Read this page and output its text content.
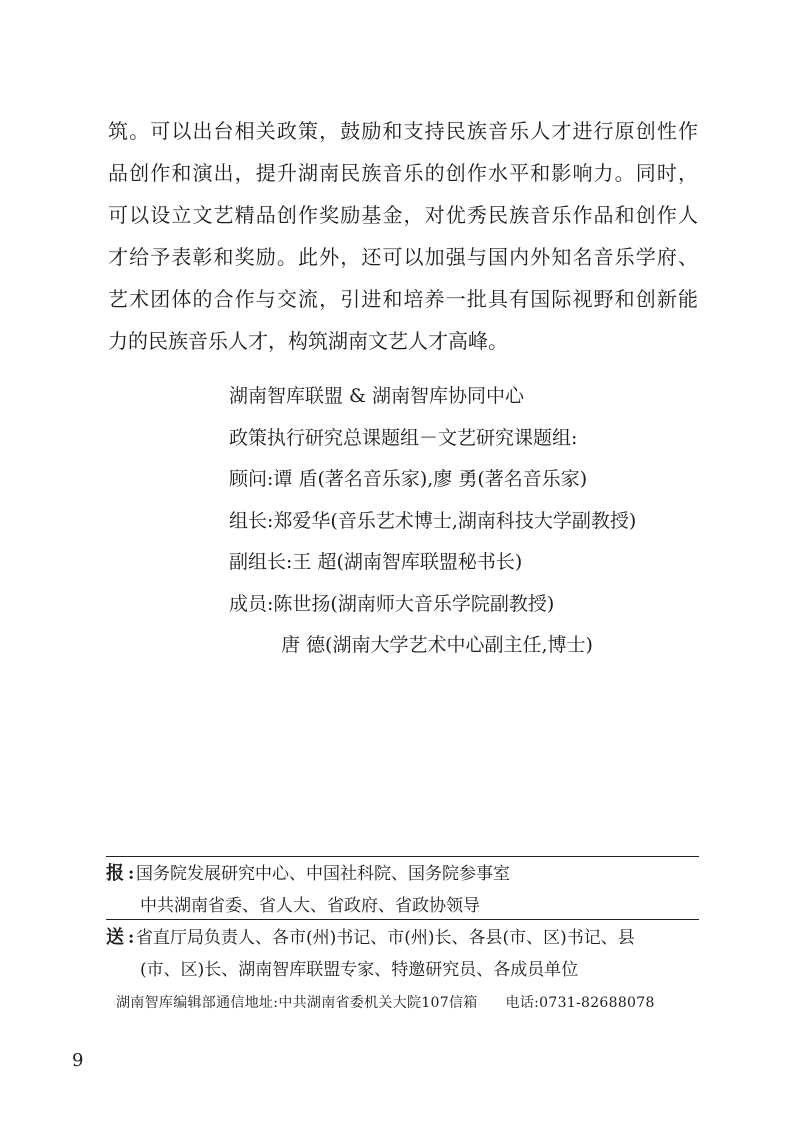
筑。可以出台相关政策，鼓励和支持民族音乐人才进行原创性作
品创作和演出，提升湖南民族音乐的创作水平和影响力。同时，
可以设立文艺精品创作奖励基金，对优秀民族音乐作品和创作人
才给予表彰和奖励。此外，还可以加强与国内外知名音乐学府、
艺术团体的合作与交流，引进和培养一批具有国际视野和创新能
力的民族音乐人才，构筑湖南文艺人才高峰。
湖南智库联盟 & 湖南智库协同中心
政策执行研究总课题组－文艺研究课题组:
顾问:谭 盾(著名音乐家),廖 勇(著名音乐家)
组长:郑爱华(音乐艺术博士,湖南科技大学副教授)
副组长:王 超(湖南智库联盟秘书长)
成员:陈世扬(湖南师大音乐学院副教授)
唐 德(湖南大学艺术中心副主任,博士)
报 : 国务院发展研究中心、中国社科院、国务院参事室
中共湖南省委、省人大、省政府、省政协领导
送 : 省直厅局负责人、各市(州)书记、市(州)长、各县(市、区)书记、县
(市、区)长、湖南智库联盟专家、特邀研究员、各成员单位
湖南智库编辑部通信地址:中共湖南省委机关大院107信箱 电话:0731-82688078
9
